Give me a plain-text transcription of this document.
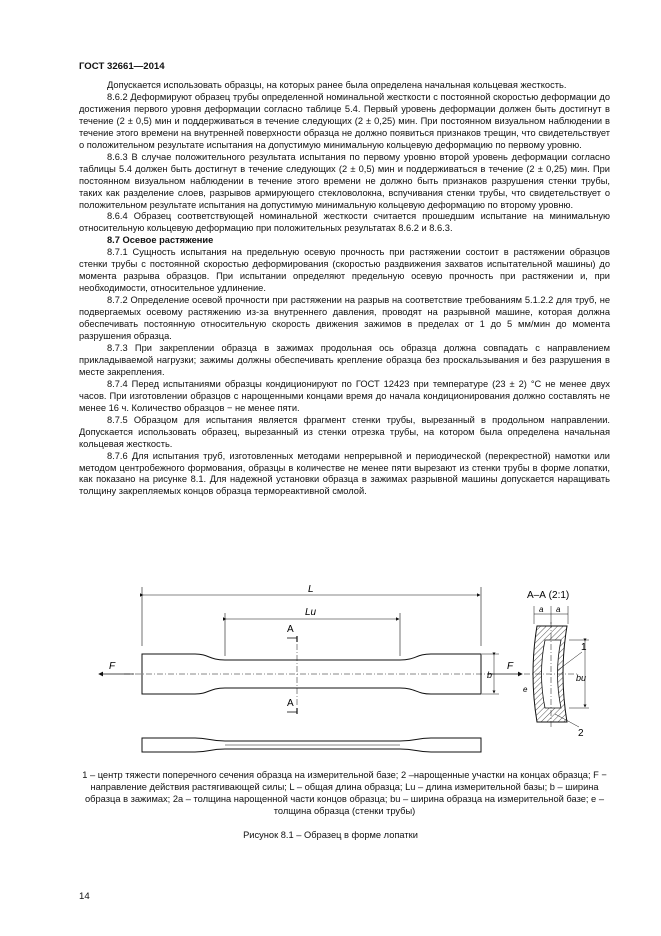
ГОСТ 32661—2014

Допускается использовать образцы, на которых ранее была определена начальная кольцевая жесткость.

8.6.2 Деформируют образец трубы определенной номинальной жесткости с постоянной скоростью деформации до достижения первого уровня деформации согласно таблице 5.4. Первый уровень деформации должен быть достигнут в течение (2 ± 0,5) мин и поддерживаться в течение следующих (2 ± 0,25) мин. При постоянном визуальном наблюдении в течение этого времени на внутренней поверхности образца не должно появиться признаков трещин, что свидетельствует о положительном результате испытания на допустимую минимальную кольцевую деформацию по первому уровню.

8.6.3 В случае положительного результата испытания по первому уровню второй уровень деформации согласно таблицы 5.4 должен быть достигнут в течение следующих (2 ± 0,5) мин и поддерживаться в течение (2 ± 0,25) мин. При постоянном визуальном наблюдении в течение этого времени не должно быть признаков разрушения стенки трубы, таких как разделение слоев, разрывов армирующего стекловолокна, вспучивания стенки трубы, что свидетельствует о положительном результате испытания на допустимую минимальную кольцевую деформацию по второму уровню.

8.6.4 Образец соответствующей номинальной жесткости считается прошедшим испытание на минимальную относительную кольцевую деформацию при положительных результатах 8.6.2 и 8.6.3.

8.7 Осевое растяжение

8.7.1 Сущность испытания на предельную осевую прочность при растяжении состоит в растяжении образцов стенки трубы с постоянной скоростью деформирования (скоростью раздвижения захватов испытательной машины) до момента разрыва образцов. При испытании определяют предельную осевую прочность при растяжении и, при необходимости, относительное удлинение.

8.7.2 Определение осевой прочности при растяжении на разрыв на соответствие требованиям 5.1.2.2 для труб, не подвергаемых осевому растяжению из-за внутреннего давления, проводят на разрывной машине, которая должна обеспечивать постоянную относительную скорость движения зажимов в пределах от 1 до 5 мм/мин до момента разрушения образца.

8.7.3 При закреплении образца в зажимах продольная ось образца должна совпадать с направлением прикладываемой нагрузки; зажимы должны обеспечивать крепление образца без проскальзывания и без разрушения в месте закрепления.

8.7.4 Перед испытаниями образцы кондиционируют по ГОСТ 12423 при температуре (23 ± 2) °С не менее двух часов. При изготовлении образцов с нарощенными концами время до начала кондиционирования должно составлять не менее 16 ч. Количество образцов − не менее пяти.

8.7.5 Образцом для испытания является фрагмент стенки трубы, вырезанный в продольном направлении. Допускается использовать образец, вырезанный из стенки отрезка трубы, на котором была определена начальная кольцевая жесткость.

8.7.6 Для испытания труб, изготовленных методами непрерывной и периодической (перекрестной) намотки или методом центробежного формования, образцы в количестве не менее пяти вырезают из стенки трубы в форме лопатки, как показано на рисунке 8.1. Для надежной установки образца в зажимах разрывной машины допускается наращивать толщину закрепляемых концов образца термореактивной смолой.

L
Lu
A
A
F	F
b
А–А (2:1)
а а
bu
е
1
2
1 – центр тяжести поперечного сечения образца на измерительной базе; 2 –нарощенные участки на концах образца; F − направление действия растягивающей силы; L – общая длина образца; Lu – длина измерительной базы; b – ширина образца в зажимах; 2a – толщина нарощенной части концов образца; bu – ширина образца на измерительной базе; e – толщина образца (стенки трубы)
Рисунок 8.1 – Образец в форме лопатки
14
